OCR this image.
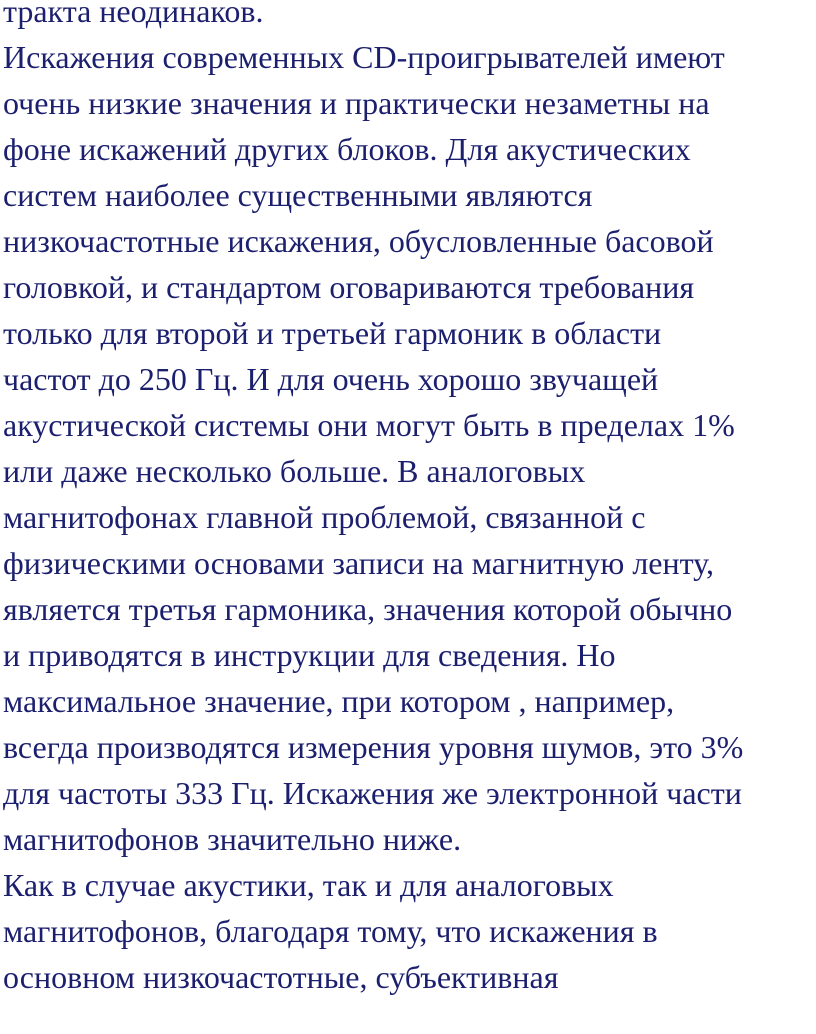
тракта неодинаков.
Искажения современных CD-проигрывателей имеют
очень низкие значения и практически незаметны на
фоне искажений других блоков. Для акустических
систем наиболее существенными являются
низкочастотные искажения, обусловленные басовой
головкой, и стандартом оговариваются требования
только для второй и третьей гармоник в области
частот до 250 Гц. И для очень хорошо звучащей
акустической системы они могут быть в пределах 1%
или даже несколько больше. В аналоговых
магнитофонах главной проблемой, связанной с
физическими основами записи на магнитную ленту,
является третья гармоника, значения которой обычно
и приводятся в инструкции для сведения. Но
максимальное значение, при котором , например,
всегда производятся измерения уровня шумов, это 3%
для частоты 333 Гц. Искажения же электронной части
магнитофонов значительно ниже.
Как в случае акустики, так и для аналоговых
магнитофонов, благодаря тому, что искажения в
основном низкочастотные, субъективная
